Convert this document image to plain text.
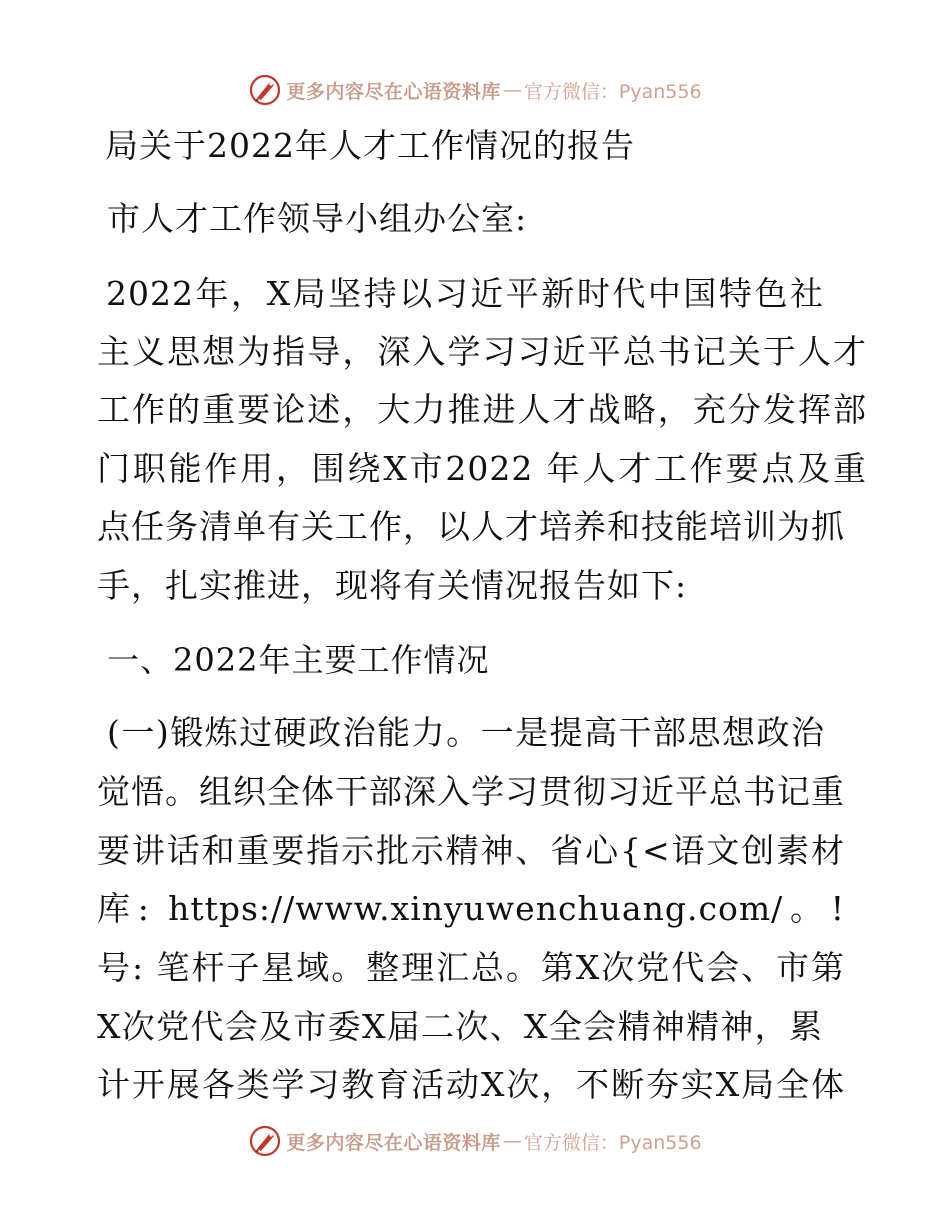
更多内容尽在心语资料库 — 官方微信：Pyan556
局关于2022年人才工作情况的报告
市人才工作领导小组办公室:
2022年，X局坚持以习近平新时代中国特色社
主义思想为指导，深入学习习近平总书记关于人才
工作的重要论述，大力推进人才战略，充分发挥部
门职能作用，围绕X市2022 年人才工作要点及重
点任务清单有关工作，以人才培养和技能培训为抓
手，扎实推进，现将有关情况报告如下:
一、2022年主要工作情况
(一)锻炼过硬政治能力。一是提高干部思想政治
觉悟。组织全体干部深入学习贯彻习近平总书记重
要讲话和重要指示批示精神、省心{<语文创素材
库: https://www.xinyuwenchuang.com/。!
号: 笔杆子星域。整理汇总。第X次党代会、市第
X次党代会及市委X届二次、X全会精神精神，累
计开展各类学习教育活动X次，不断夯实X局全体
更多内容尽在心语资料库 — 官方微信：Pyan556
